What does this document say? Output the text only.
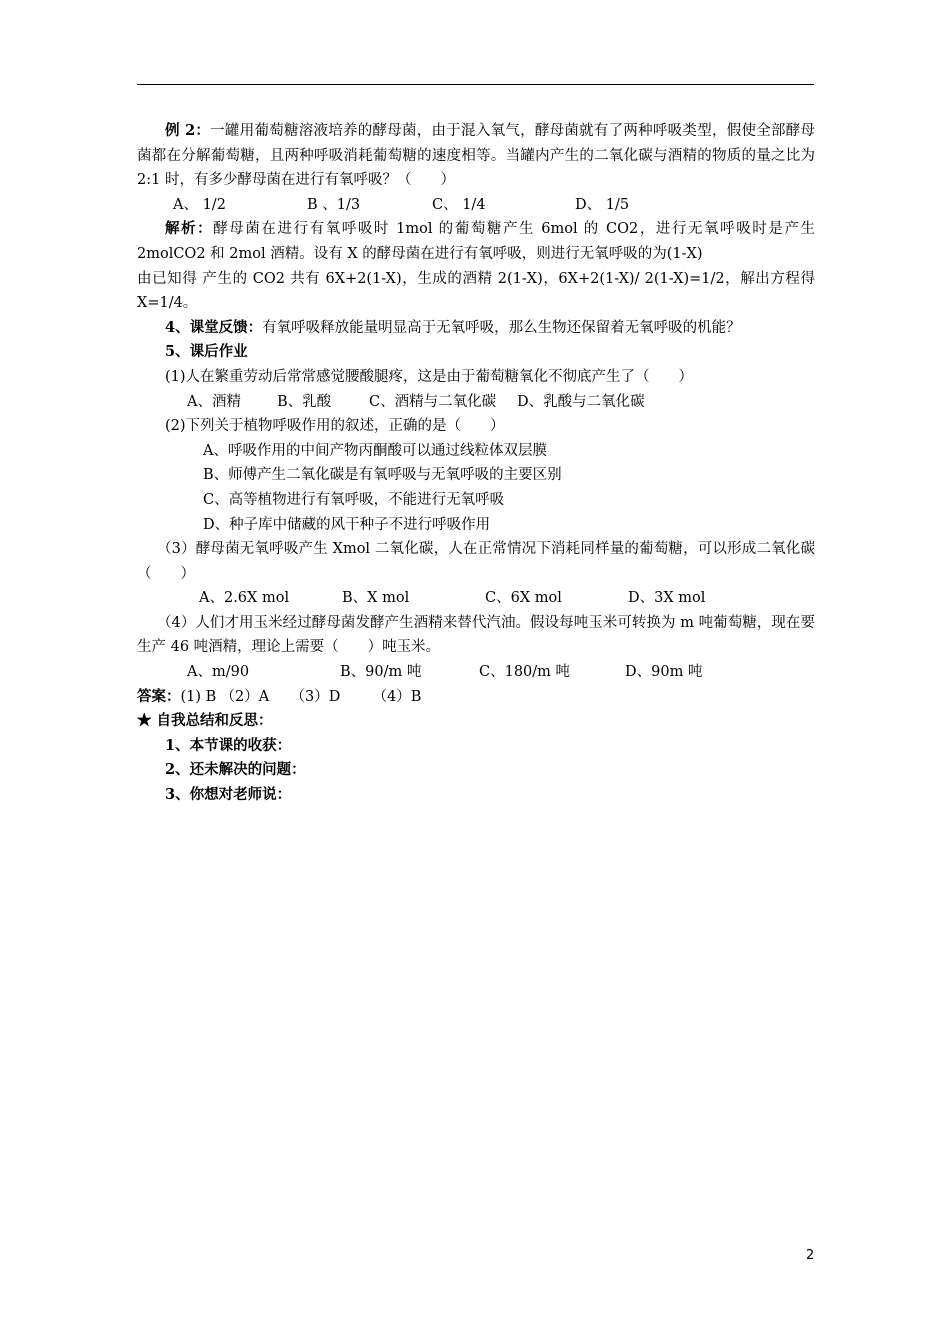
例 2：一罐用葡萄糖溶液培养的酵母菌，由于混入氧气，酵母菌就有了两种呼吸类型，假使全部酵母菌都在分解葡萄糖，且两种呼吸消耗葡萄糖的速度相等。当罐内产生的二氧化碳与酒精的物质的量之比为 2:1 时，有多少酵母菌在进行有氧呼吸？（　　）

A、 1/2	B 、1/3	C、 1/4	D、 1/5

解析：酵母菌在进行有氧呼吸时 1mol 的葡萄糖产生 6mol 的 CO2，进行无氧呼吸时是产生 2molCO2 和 2mol 酒精。设有 X 的酵母菌在进行有氧呼吸，则进行无氧呼吸的为(1-X)

由已知得 产生的 CO2 共有 6X+2(1-X)，生成的酒精 2(1-X)，6X+2(1-X)/ 2(1-X)=1/2，解出方程得 X=1/4。

4、课堂反馈：有氧呼吸释放能量明显高于无氧呼吸，那么生物还保留着无氧呼吸的机能？

5、课后作业

(1)人在繁重劳动后常常感觉腰酸腿疼，这是由于葡萄糖氧化不彻底产生了（　　）

A、酒精	B、乳酸	C、酒精与二氧化碳	D、乳酸与二氧化碳

(2)下列关于植物呼吸作用的叙述，正确的是（　　）

A、呼吸作用的中间产物丙酮酸可以通过线粒体双层膜

B、师傅产生二氧化碳是有氧呼吸与无氧呼吸的主要区别

C、高等植物进行有氧呼吸，不能进行无氧呼吸

D、种子库中储藏的风干种子不进行呼吸作用

（3）酵母菌无氧呼吸产生 Xmol 二氧化碳，人在正常情况下消耗同样量的葡萄糖，可以形成二氧化碳（　　）

A、2.6X mol	B、X mol	C、6X mol	D、3X mol

（4）人们才用玉米经过酵母菌发酵产生酒精来替代汽油。假设每吨玉米可转换为 m 吨葡萄糖，现在要生产 46 吨酒精，理论上需要（　　）吨玉米。

A、m/90	B、90/m 吨	C、180/m 吨	D、90m 吨
答案： (1) B （2）A	（3）D	（4）B

★ 自我总结和反思：

1、本节课的收获：

2、还未解决的问题：

3、你想对老师说：

2
